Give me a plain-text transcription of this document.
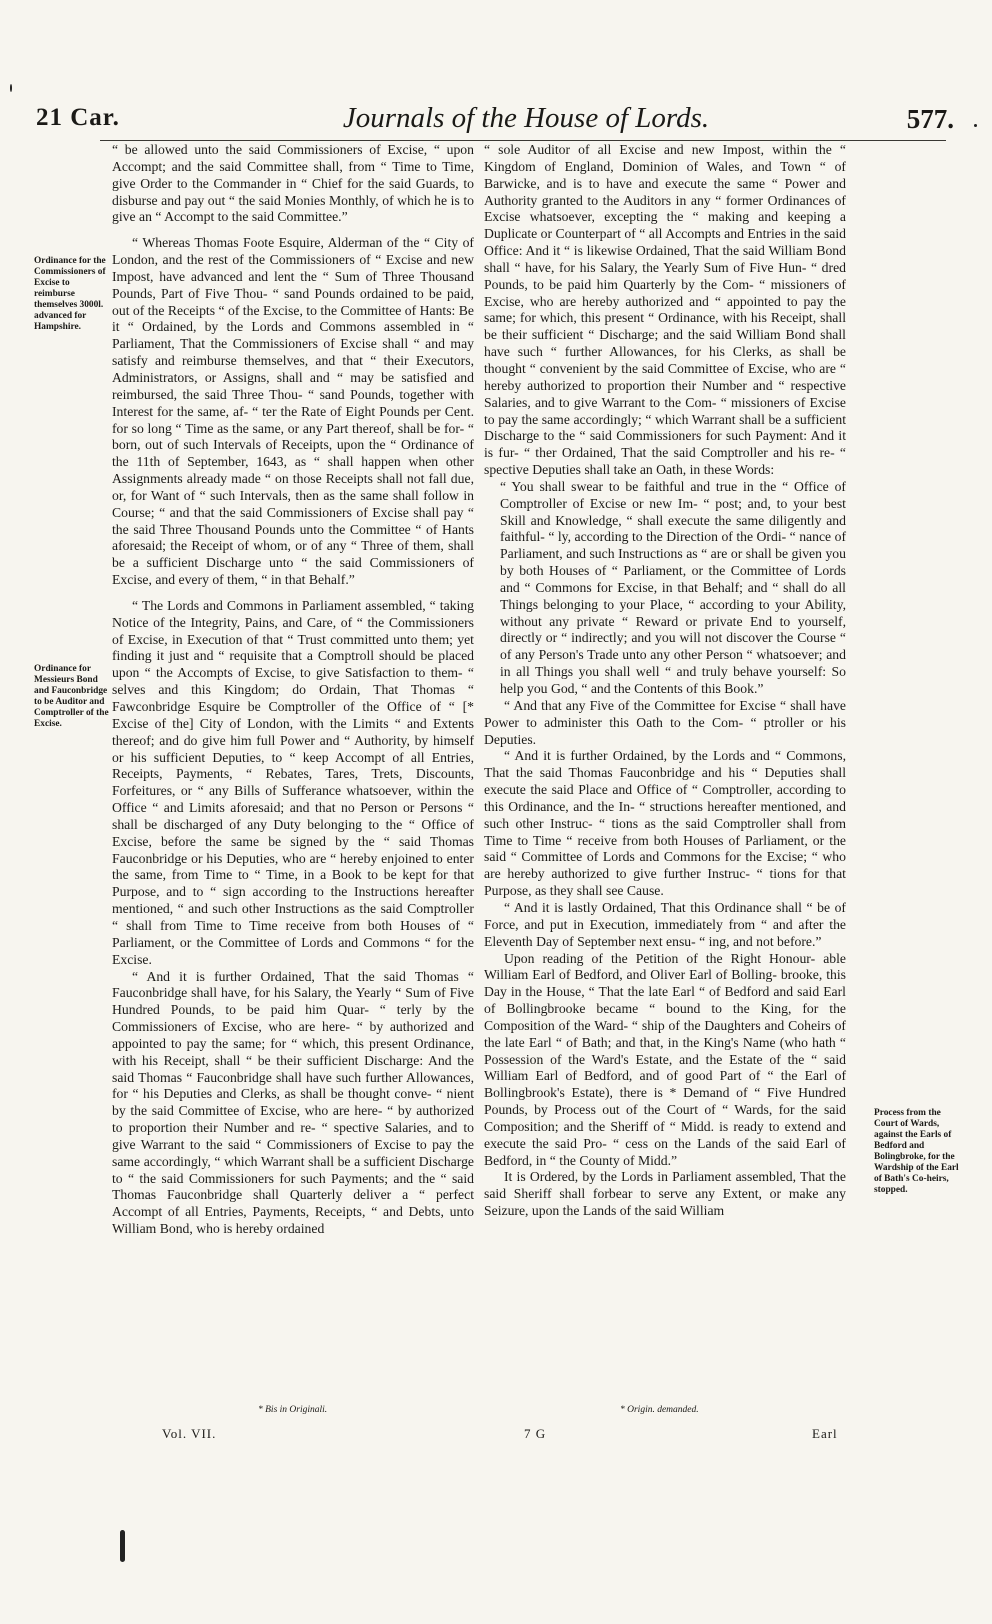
21 Car.	Journals of the House of Lords.	577.
Ordinance for the Commissioners of Excise to reimburse themselves 3000l. advanced for Hampshire.
Ordinance for Messieurs Bond and Fauconbridge to be Auditor and Comptroller of the Excise.
Process from the Court of Wards, against the Earls of Bedford and Bolingbroke, for the Wardship of the Earl of Bath's Co-heirs, stopped.

“ be allowed unto the said Commissioners of Excise, “ upon Accompt; and the said Committee shall, from “ Time to Time, give Order to the Commander in “ Chief for the said Guards, to disburse and pay out “ the said Monies Monthly, of which he is to give an “ Accompt to the said Committee.”

“ Whereas Thomas Foote Esquire, Alderman of the “ City of London, and the rest of the Commissioners of “ Excise and new Impost, have advanced and lent the “ Sum of Three Thousand Pounds, Part of Five Thou- “ sand Pounds ordained to be paid, out of the Receipts “ of the Excise, to the Committee of Hants: Be it “ Ordained, by the Lords and Commons assembled in “ Parliament, That the Commissioners of Excise shall “ and may satisfy and reimburse themselves, and that “ their Executors, Administrators, or Assigns, shall and “ may be satisfied and reimbursed, the said Three Thou- “ sand Pounds, together with Interest for the same, af- “ ter the Rate of Eight Pounds per Cent. for so long “ Time as the same, or any Part thereof, shall be for- “ born, out of such Intervals of Receipts, upon the “ Ordinance of the 11th of September, 1643, as “ shall happen when other Assignments already made “ on those Receipts shall not fall due, or, for Want of “ such Intervals, then as the same shall follow in Course; “ and that the said Commissioners of Excise shall pay “ the said Three Thousand Pounds unto the Committee “ of Hants aforesaid; the Receipt of whom, or of any “ Three of them, shall be a sufficient Discharge unto “ the said Commissioners of Excise, and every of them, “ in that Behalf.”

“ The Lords and Commons in Parliament assembled, “ taking Notice of the Integrity, Pains, and Care, of “ the Commissioners of Excise, in Execution of that “ Trust committed unto them; yet finding it just and “ requisite that a Comptroll should be placed upon “ the Accompts of Excise, to give Satisfaction to them- “ selves and this Kingdom; do Ordain, That Thomas “ Fawconbridge Esquire be Comptroller of the Office of “ [* Excise of the] City of London, with the Limits “ and Extents thereof; and do give him full Power and “ Authority, by himself or his sufficient Deputies, to “ keep Accompt of all Entries, Receipts, Payments, “ Rebates, Tares, Trets, Discounts, Forfeitures, or “ any Bills of Sufferance whatsoever, within the Office “ and Limits aforesaid; and that no Person or Persons “ shall be discharged of any Duty belonging to the “ Office of Excise, before the same be signed by the “ said Thomas Fauconbridge or his Deputies, who are “ hereby enjoined to enter the same, from Time to “ Time, in a Book to be kept for that Purpose, and to “ sign according to the Instructions hereafter mentioned, “ and such other Instructions as the said Comptroller “ shall from Time to Time receive from both Houses of “ Parliament, or the Committee of Lords and Commons “ for the Excise.

“ And it is further Ordained, That the said Thomas “ Fauconbridge shall have, for his Salary, the Yearly “ Sum of Five Hundred Pounds, to be paid him Quar- “ terly by the Commissioners of Excise, who are here- “ by authorized and appointed to pay the same; for “ which, this present Ordinance, with his Receipt, shall “ be their sufficient Discharge: And the said Thomas “ Fauconbridge shall have such further Allowances, for “ his Deputies and Clerks, as shall be thought conve- “ nient by the said Committee of Excise, who are here- “ by authorized to proportion their Number and re- “ spective Salaries, and to give Warrant to the said “ Commissioners of Excise to pay the same accordingly, “ which Warrant shall be a sufficient Discharge to “ the said Commissioners for such Payments; and the “ said Thomas Fauconbridge shall Quarterly deliver a “ perfect Accompt of all Entries, Payments, Receipts, “ and Debts, unto William Bond, who is hereby ordained

* Bis in Originali.

“ sole Auditor of all Excise and new Impost, within the “ Kingdom of England, Dominion of Wales, and Town “ of Barwicke, and is to have and execute the same “ Power and Authority granted to the Auditors in any “ former Ordinances of Excise whatsoever, excepting the “ making and keeping a Duplicate or Counterpart of “ all Accompts and Entries in the said Office: And it “ is likewise Ordained, That the said William Bond shall “ have, for his Salary, the Yearly Sum of Five Hun- “ dred Pounds, to be paid him Quarterly by the Com- “ missioners of Excise, who are hereby authorized and “ appointed to pay the same; for which, this present “ Ordinance, with his Receipt, shall be their sufficient “ Discharge; and the said William Bond shall have such “ further Allowances, for his Clerks, as shall be thought “ convenient by the said Committee of Excise, who are “ hereby authorized to proportion their Number and “ respective Salaries, and to give Warrant to the Com- “ missioners of Excise to pay the same accordingly; “ which Warrant shall be a sufficient Discharge to the “ said Commissioners for such Payment: And it is fur- “ ther Ordained, That the said Comptroller and his re- “ spective Deputies shall take an Oath, in these Words:

“ You shall swear to be faithful and true in the “ Office of Comptroller of Excise or new Im- “ post; and, to your best Skill and Knowledge, “ shall execute the same diligently and faithful- “ ly, according to the Direction of the Ordi- “ nance of Parliament, and such Instructions as “ are or shall be given you by both Houses of “ Parliament, or the Committee of Lords and “ Commons for Excise, in that Behalf; and “ shall do all Things belonging to your Place, “ according to your Ability, without any private “ Reward or private End to yourself, directly or “ indirectly; and you will not discover the Course “ of any Person's Trade unto any other Person “ whatsoever; and in all Things you shall well “ and truly behave yourself: So help you God, “ and the Contents of this Book.”

“ And that any Five of the Committee for Excise “ shall have Power to administer this Oath to the Com- “ ptroller or his Deputies.

“ And it is further Ordained, by the Lords and “ Commons, That the said Thomas Fauconbridge and his “ Deputies shall execute the said Place and Office of “ Comptroller, according to this Ordinance, and the In- “ structions hereafter mentioned, and such other Instruc- “ tions as the said Comptroller shall from Time to Time “ receive from both Houses of Parliament, or the said “ Committee of Lords and Commons for the Excise; “ who are hereby authorized to give further Instruc- “ tions for that Purpose, as they shall see Cause.

“ And it is lastly Ordained, That this Ordinance shall “ be of Force, and put in Execution, immediately from “ and after the Eleventh Day of September next ensu- “ ing, and not before.”

Upon reading of the Petition of the Right Honour- able William Earl of Bedford, and Oliver Earl of Bolling- brooke, this Day in the House, “ That the late Earl “ of Bedford and said Earl of Bollingbrooke became “ bound to the King, for the Composition of the Ward- “ ship of the Daughters and Coheirs of the late Earl “ of Bath; and that, in the King's Name (who hath “ Possession of the Ward's Estate, and the Estate of the “ said William Earl of Bedford, and of good Part of “ the Earl of Bollingbrook's Estate), there is * Demand of “ Five Hundred Pounds, by Process out of the Court of “ Wards, for the said Composition; and the Sheriff of “ Midd. is ready to extend and execute the said Pro- “ cess on the Lands of the said Earl of Bedford, in “ the County of Midd.”

It is Ordered, by the Lords in Parliament assembled, That the said Sheriff shall forbear to serve any Extent, or make any Seizure, upon the Lands of the said William

* Origin. demanded.
Vol. VII.	7 G	Earl
